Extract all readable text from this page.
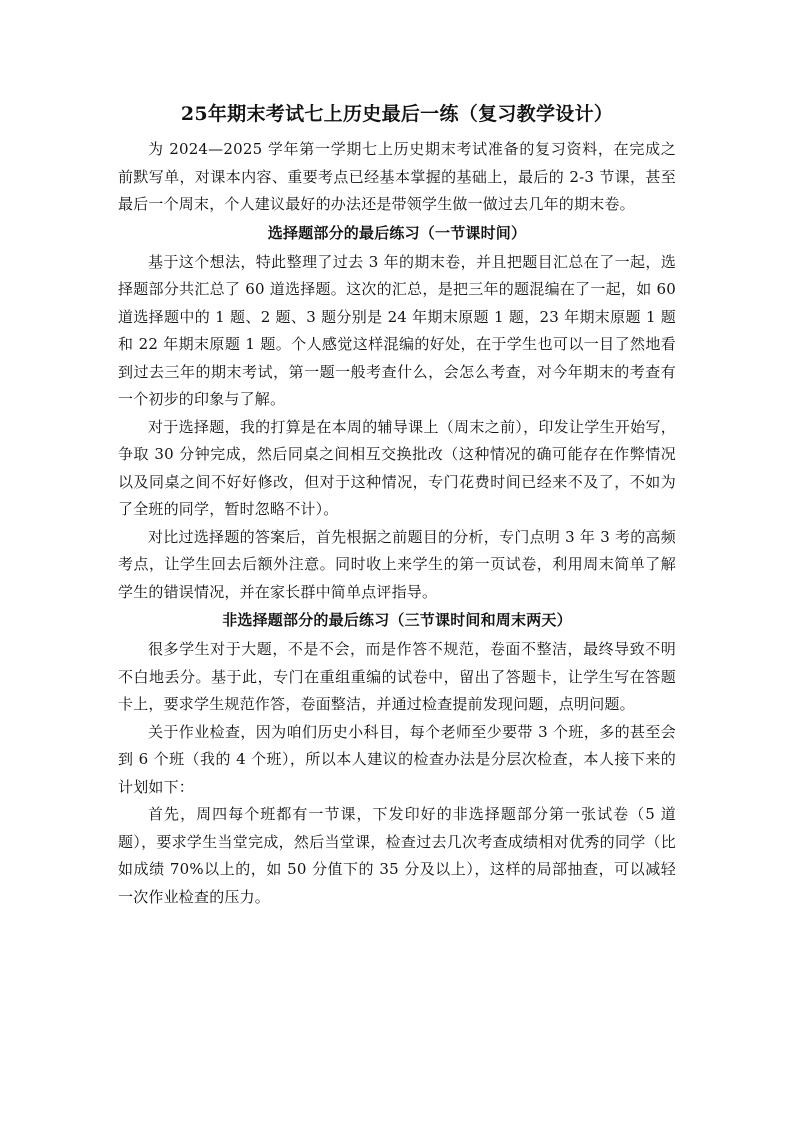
25年期末考试七上历史最后一练（复习教学设计）

为 2024—2025 学年第一学期七上历史期末考试准备的复习资料，在完成之前默写单，对课本内容、重要考点已经基本掌握的基础上，最后的 2-3 节课，甚至最后一个周末，个人建议最好的办法还是带领学生做一做过去几年的期末卷。

选择题部分的最后练习（一节课时间）

基于这个想法，特此整理了过去 3 年的期末卷，并且把题目汇总在了一起，选择题部分共汇总了 60 道选择题。这次的汇总，是把三年的题混编在了一起，如 60 道选择题中的 1 题、2 题、3 题分别是 24 年期末原题 1 题，23 年期末原题 1 题和 22 年期末原题 1 题。个人感觉这样混编的好处，在于学生也可以一目了然地看到过去三年的期末考试，第一题一般考查什么，会怎么考查，对今年期末的考查有一个初步的印象与了解。

对于选择题，我的打算是在本周的辅导课上（周末之前），印发让学生开始写，争取 30 分钟完成，然后同桌之间相互交换批改（这种情况的确可能存在作弊情况以及同桌之间不好好修改，但对于这种情况，专门花费时间已经来不及了，不如为了全班的同学，暂时忽略不计）。

对比过选择题的答案后，首先根据之前题目的分析，专门点明 3 年 3 考的高频考点，让学生回去后额外注意。同时收上来学生的第一页试卷，利用周末简单了解学生的错误情况，并在家长群中简单点评指导。

非选择题部分的最后练习（三节课时间和周末两天）

很多学生对于大题，不是不会，而是作答不规范，卷面不整洁，最终导致不明不白地丢分。基于此，专门在重组重编的试卷中，留出了答题卡，让学生写在答题卡上，要求学生规范作答，卷面整洁，并通过检查提前发现问题，点明问题。

关于作业检查，因为咱们历史小科目，每个老师至少要带 3 个班，多的甚至会到 6 个班（我的 4 个班），所以本人建议的检查办法是分层次检查，本人接下来的计划如下：

首先，周四每个班都有一节课，下发印好的非选择题部分第一张试卷（5 道题），要求学生当堂完成，然后当堂课，检查过去几次考查成绩相对优秀的同学（比如成绩 70%以上的，如 50 分值下的 35 分及以上），这样的局部抽查，可以减轻一次作业检查的压力。
